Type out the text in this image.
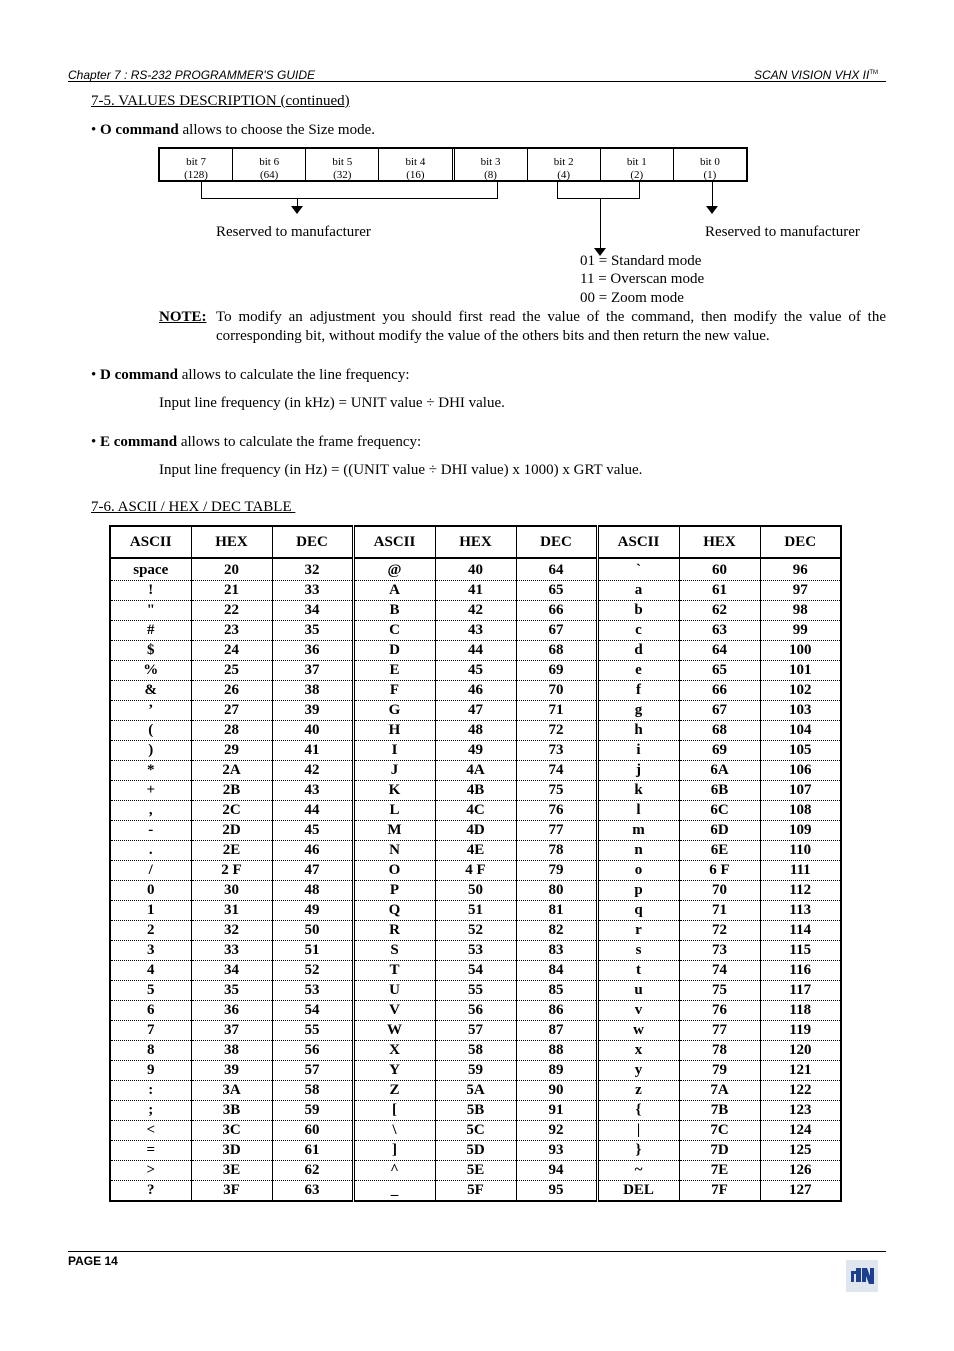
Chapter 7 : RS-232 PROGRAMMER'S GUIDE	SCAN VISION VHX II™
7-5. VALUES DESCRIPTION (continued)
• O command allows to choose the Size mode.
bit 7
(128)
bit 6
(64)
bit 5
(32)
bit 4
(16)
bit 3
(8)
bit 2
(4)
bit 1
(2)
bit 0
(1)
Reserved to manufacturer	Reserved to manufacturer
01 = Standard mode
11 = Overscan mode
00 = Zoom mode
NOTE: To modify an adjustment you should first read the value of the command, then modify the value of the
corresponding bit, without modify the value of the others bits and then return the new value.
• D command allows to calculate the line frequency:
Input line frequency (in kHz) = UNIT value ÷ DHI value.
• E command allows to calculate the frame frequency:
Input line frequency (in Hz) = ((UNIT value ÷ DHI value) x 1000) x GRT value.
7-6. ASCII / HEX / DEC TABLE
ASCII	HEX	DEC	ASCII	HEX	DEC	ASCII	HEX	DEC
space	20	32	@	40	64	`	60	96
!	21	33	A	41	65	a	61	97
"	22	34	B	42	66	b	62	98
#	23	35	C	43	67	c	63	99
$	24	36	D	44	68	d	64	100
%	25	37	E	45	69	e	65	101
&	26	38	F	46	70	f	66	102
’	27	39	G	47	71	g	67	103
(	28	40	H	48	72	h	68	104
)	29	41	I	49	73	i	69	105
*	2A	42	J	4A	74	j	6A	106
+	2B	43	K	4B	75	k	6B	107
,	2C	44	L	4C	76	l	6C	108
-	2D	45	M	4D	77	m	6D	109
.	2E	46	N	4E	78	n	6E	110
/	2 F	47	O	4 F	79	o	6 F	111
0	30	48	P	50	80	p	70	112
1	31	49	Q	51	81	q	71	113
2	32	50	R	52	82	r	72	114
3	33	51	S	53	83	s	73	115
4	34	52	T	54	84	t	74	116
5	35	53	U	55	85	u	75	117
6	36	54	V	56	86	v	76	118
7	37	55	W	57	87	w	77	119
8	38	56	X	58	88	x	78	120
9	39	57	Y	59	89	y	79	121
:	3A	58	Z	5A	90	z	7A	122
;	3B	59	[	5B	91	{	7B	123
<	3C	60	\	5C	92	|	7C	124
=	3D	61	]	5D	93	}	7D	125
>	3E	62	^	5E	94	~	7E	126
?	3F	63	_	5F	95	DEL	7F	127
PAGE 14
